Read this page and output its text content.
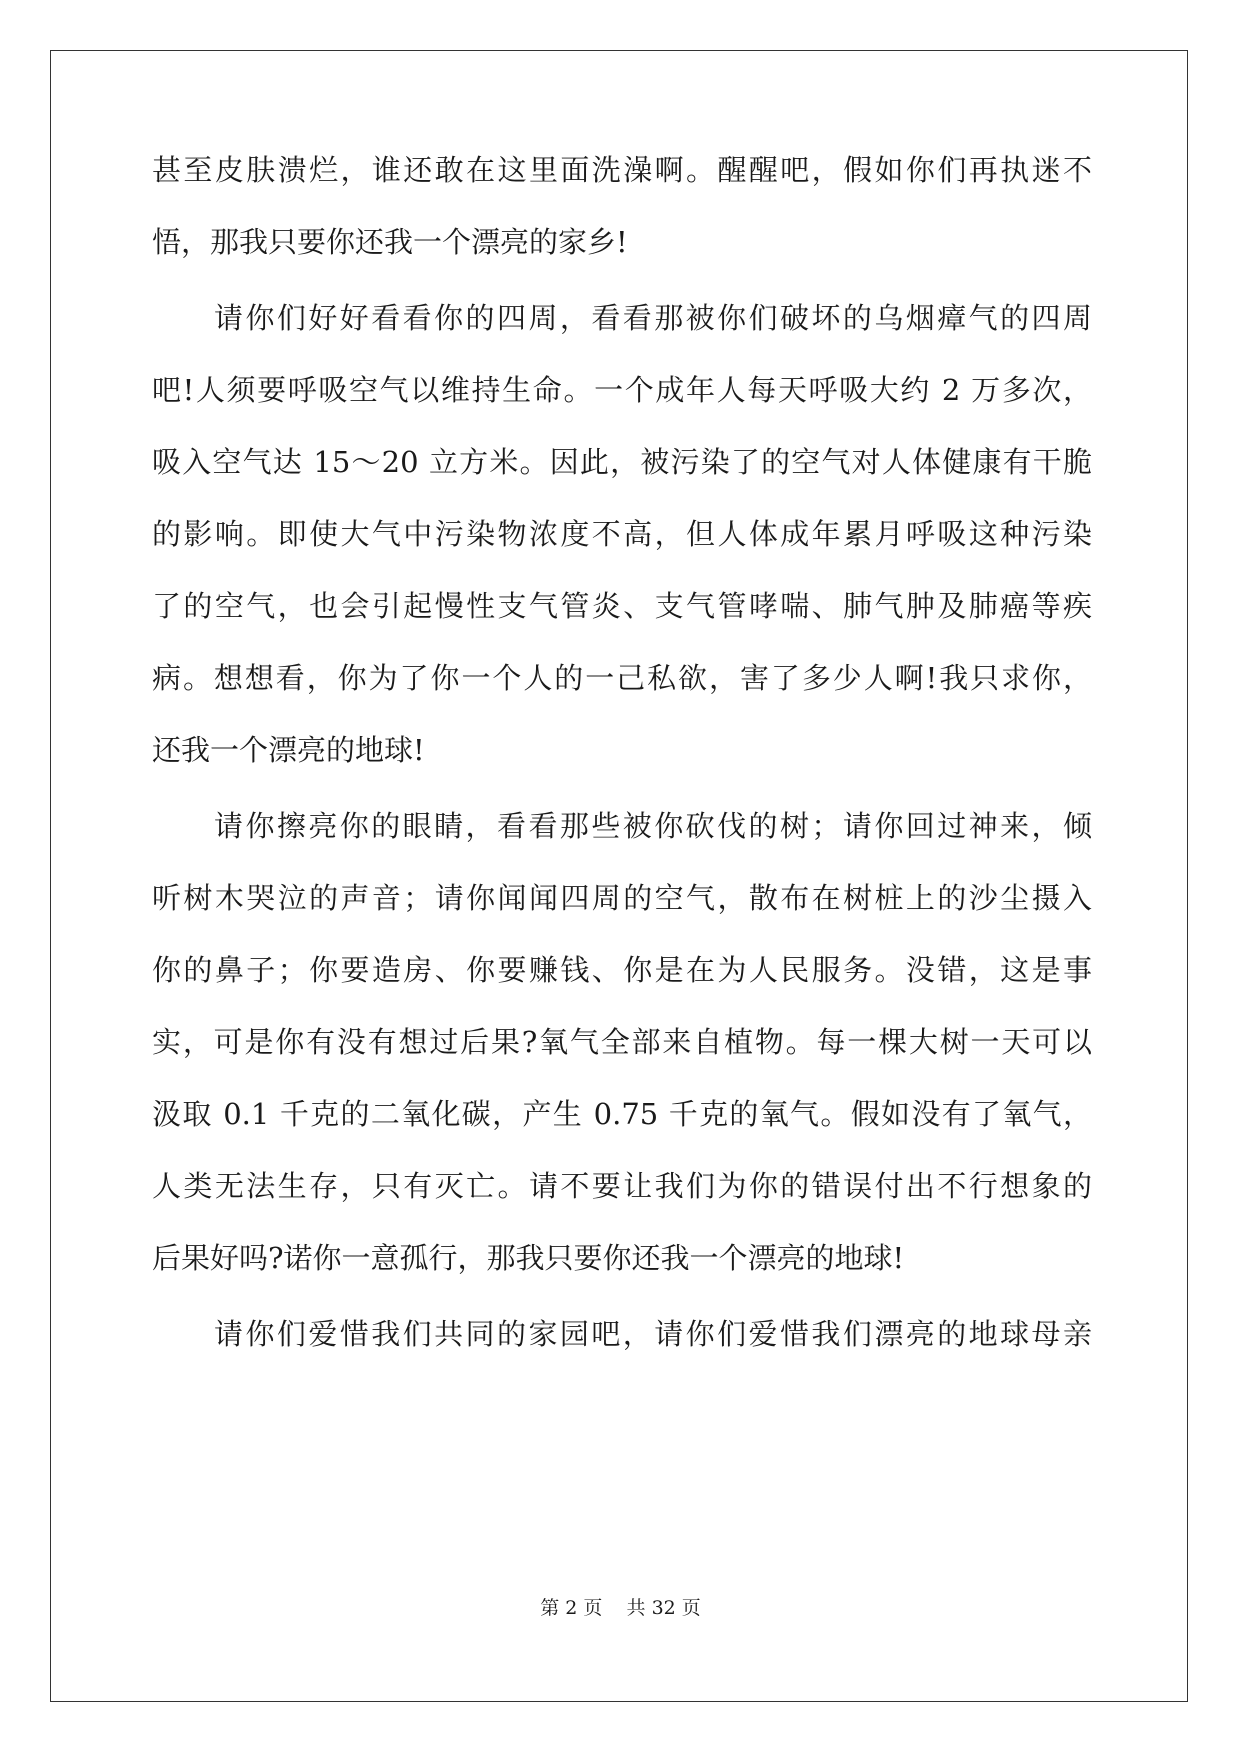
甚至皮肤溃烂，谁还敢在这里面洗澡啊。醒醒吧，假如你们再执迷不
悟，那我只要你还我一个漂亮的家乡!
请你们好好看看你的四周，看看那被你们破坏的乌烟瘴气的四周
吧!人须要呼吸空气以维持生命。一个成年人每天呼吸大约 2 万多次，
吸入空气达 15～20 立方米。因此，被污染了的空气对人体健康有干脆
的影响。即使大气中污染物浓度不高，但人体成年累月呼吸这种污染
了的空气，也会引起慢性支气管炎、支气管哮喘、肺气肿及肺癌等疾
病。想想看，你为了你一个人的一己私欲，害了多少人啊!我只求你，
还我一个漂亮的地球!
请你擦亮你的眼睛，看看那些被你砍伐的树；请你回过神来，倾
听树木哭泣的声音；请你闻闻四周的空气，散布在树桩上的沙尘摄入
你的鼻子；你要造房、你要赚钱、你是在为人民服务。没错，这是事
实，可是你有没有想过后果?氧气全部来自植物。每一棵大树一天可以
汲取 0.1 千克的二氧化碳，产生 0.75 千克的氧气。假如没有了氧气，
人类无法生存，只有灭亡。请不要让我们为你的错误付出不行想象的
后果好吗?诺你一意孤行，那我只要你还我一个漂亮的地球!
请你们爱惜我们共同的家园吧，请你们爱惜我们漂亮的地球母亲
第 2 页 共 32 页
